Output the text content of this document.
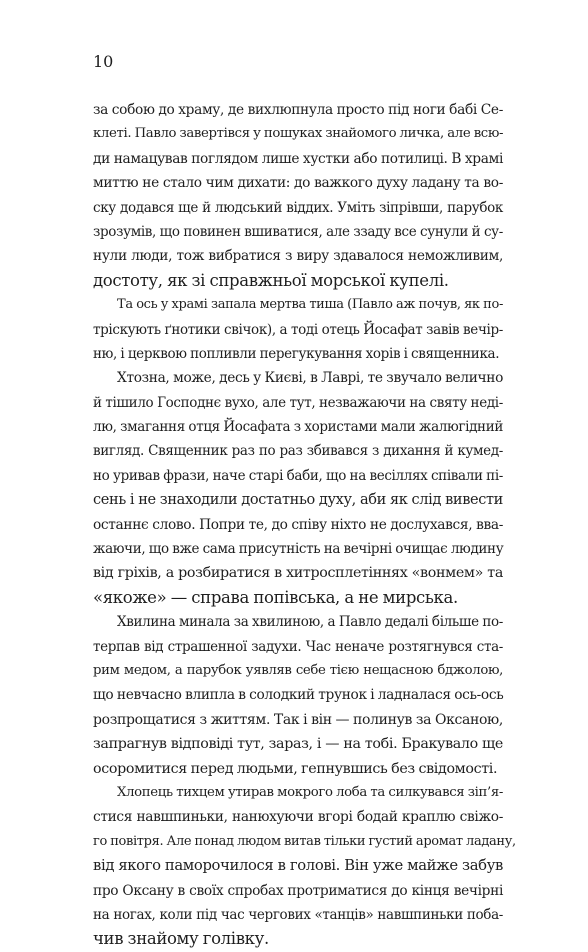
10
за собою до храму, де вихлюпнула просто під ноги бабі Се-
клеті. Павло завертівся у пошуках знайомого личка, але всю-
ди намацував поглядом лише хустки або потилиці. В храмі
миттю не стало чим дихати: до важкого духу ладану та во-
ску додався ще й людський віддих. Уміть зіпрівши, парубок
зрозумів, що повинен вшиватися, але ззаду все сунули й су-
нули люди, тож вибратися з виру здавалося неможливим,
достоту, як зі справжньої морської купелі.
Та ось у храмі запала мертва тиша (Павло аж почув, як по-
тріскують ґнотики свічок), а тоді отець Йосафат завів вечір-
ню, і церквою попливли перегукування хорів і священника.
Хтозна, може, десь у Києві, в Лаврі, те звучало велично
й тішило Господнє вухо, але тут, незважаючи на святу неді-
лю, змагання отця Йосафата з хористами мали жалюгідний
вигляд. Священник раз по раз збивався з дихання й кумед-
но уривав фрази, наче старі баби, що на весіллях співали пі-
сень і не знаходили достатньо духу, аби як слід вивести
останнє слово. Попри те, до співу ніхто не дослухався, вва-
жаючи, що вже сама присутність на вечірні очищає людину
від гріхів, а розбиратися в хитросплетіннях «вонмем» та
«якоже» — справа попівська, а не мирська.
Хвилина минала за хвилиною, а Павло дедалі більше по-
терпав від страшенної задухи. Час неначе розтягнувся ста-
рим медом, а парубок уявляв себе тією нещасною бджолою,
що невчасно влипла в солодкий трунок і ладналася ось-ось
розпрощатися з життям. Так і він — полинув за Оксаною,
запрагнув відповіді тут, зараз, і — на тобі. Бракувало ще
осоромитися перед людьми, гепнувшись без свідомості.
Хлопець тихцем утирав мокрого лоба та силкувався зіп’я-
стися навшпиньки, нанюхуючи вгорі бодай краплю свіжо-
го повітря. Але понад людом витав тільки густий аромат ладану,
від якого паморочилося в голові. Він уже майже забув
про Оксану в своїх спробах протриматися до кінця вечірні
на ногах, коли під час чергових «танців» навшпиньки поба-
чив знайому голівку.
